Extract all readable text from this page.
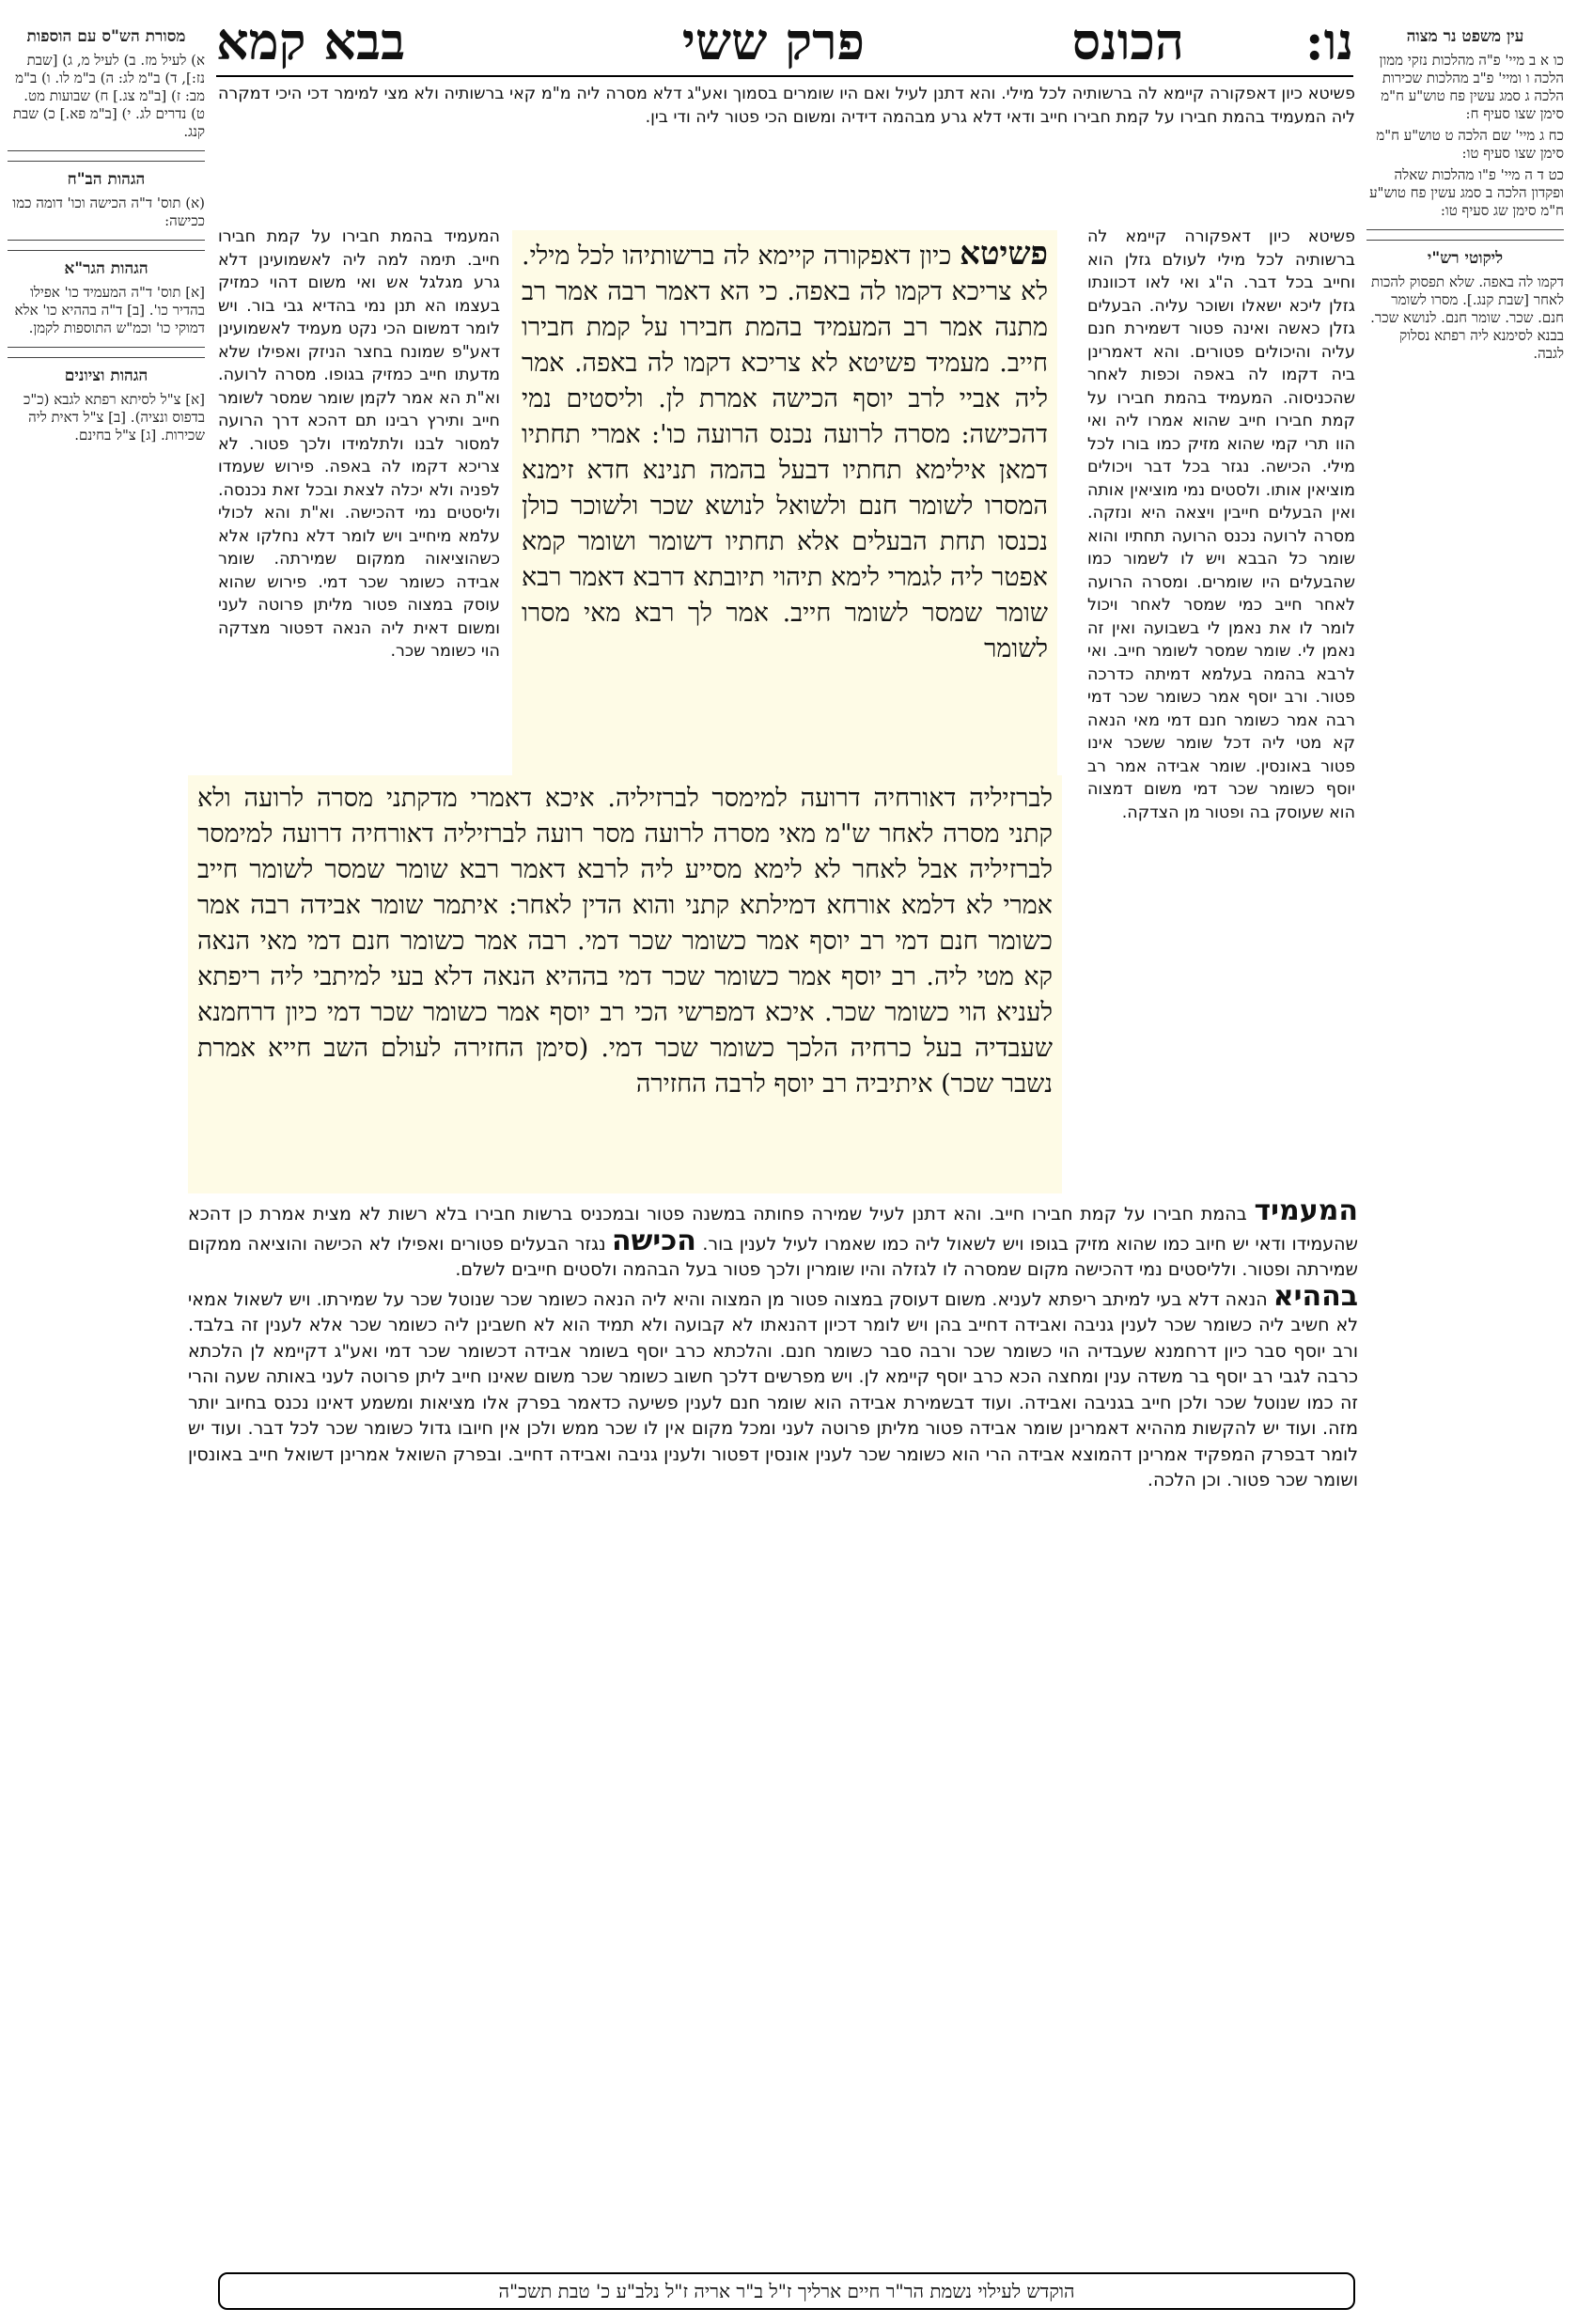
נו:
הכונס
פרק ששי
בבא קמא	עין משפט נר מצוה

כו א ב מיי' פ"ה מהלכות נזקי ממון הלכה ו ומיי' פ"ב מהלכות שכירות הלכה ג סמג עשין פח טוש"ע ח"מ סימן שצו סעיף ח:

כח ג מיי' שם הלכה ט טוש"ע ח"מ סימן שצו סעיף טו:

כט ד ה מיי' פ"ו מהלכות שאלה ופקדון הלכה ב סמג עשין פח טוש"ע ח"מ סימן שג סעיף טו:

ליקוטי רש"י

דקמו לה באפה. שלא תפסוק להכות לאחר [שבת קנג.]. מסרו לשומר חנם. שכר. שומר חנם. לנושא שכר. בבנא לסימנא ליה רפתא נסלוק לגבה.

מסורת הש"ס עם הוספות

א) לעיל מז. ב) לעיל מ, ג) [שבת נז:], ד) ב"מ לג: ה) ב"מ לו. ו) ב"מ מב: ז) [ב"מ צג.] ח) שבועות מט. ט) נדרים לג. י) [ב"מ פא.] כ) שבת קנג.

הגהות הב"ח

(א) תוס' ד"ה הכישה וכו' דומה כמו ככישה:

הגהות הגר"א

[א] תוס' ד"ה המעמיד כו' אפילו בהדיר כו'. [ב] ד"ה בההיא כו' אלא דמוקי כו' וכמ"ש התוספות לקמן.

הגהות וציונים

[א] צ"ל לסיתא רפתא לגבא (כ"כ בדפוס ונציה). [ב] צ"ל דאית ליה שכירות. [ג] צ"ל בחינם.

פשיטא כיון דאפקורה קיימא לה ברשותיה לכל מילי. והא דתנן לעיל ואם היו שומרים בסמוך ואע"ג דלא מסרה ליה מ"מ קאי ברשותיה ולא מצי למימר דכי היכי דמקרה ליה המעמיד בהמת חבירו על קמת חבירו חייב ודאי דלא גרע מבהמה דידיה ומשום הכי פטור ליה ודי בין.
פשיטא כיון דאפקורה קיימא לה ברשותיה לכל מילי לעולם גזלן הוא וחייב בכל דבר. ה"ג ואי לאו דכוונתו גזלן ליכא ישאלו ושוכר עליה. הבעלים גזלן כאשה ואינה פטור דשמירת חנם עליה והיכולים פטורים. והא דאמרינן ביה דקמו לה באפה וכפות לאחר שהכניסוה. המעמיד בהמת חבירו על קמת חבירו חייב שהוא אמרו ליה ואי הוו תרי קמי שהוא מזיק כמו בורו לכל מילי. הכישה. נגזר בכל דבר ויכולים מוציאין אותו. ולסטים נמי מוציאין אותה ואין הבעלים חייבין ויצאה היא ונזקה. מסרה לרועה נכנס הרועה תחתיו והוא שומר כל הבבא ויש לו לשמור כמו שהבעלים היו שומרים. ומסרה הרועה לאחר חייב כמי שמסר לאחר ויכול לומר לו את נאמן לי בשבועה ואין זה נאמן לי. שומר שמסר לשומר חייב. ואי לרבא בהמה בעלמא דמיתה כדרכה פטור. ורב יוסף אמר כשומר שכר דמי רבה אמר כשומר חנם דמי מאי הנאה קא מטי ליה דכל שומר ששכר אינו פטור באונסין. שומר אבידה אמר רב יוסף כשומר שכר דמי משום דמצוה הוא שעוסק בה ופטור מן הצדקה.
המעמיד בהמת חבירו על קמת חבירו חייב. תימה למה ליה לאשמועינן דלא גרע מגלגל אש ואי משום דהוי כמזיק בעצמו הא תנן נמי בהדיא גבי בור. ויש לומר דמשום הכי נקט מעמיד לאשמועינן דאע"פ שמונח בחצר הניזק ואפילו שלא מדעתו חייב כמזיק בגופו. מסרה לרועה. וא"ת הא אמר לקמן שומר שמסר לשומר חייב ותירץ רבינו תם דהכא דרך הרועה למסור לבנו ולתלמידו ולכך פטור. לא צריכא דקמו לה באפה. פירוש שעמדו לפניה ולא יכלה לצאת ובכל זאת נכנסה. וליסטים נמי דהכישה. וא"ת והא לכולי עלמא מיחייב ויש לומר דלא נחלקו אלא כשהוציאוה ממקום שמירתה. שומר אבידה כשומר שכר דמי. פירוש שהוא עוסק במצוה פטור מליתן פרוטה לעני ומשום דאית ליה הנאה דפטור מצדקה הוי כשומר שכר.
פשיטא כיון דאפקורה קיימא לה ברשותיהו לכל מילי. לא צריכא דקמו לה באפה. כי הא דאמר רבה אמר רב מתנה אמר רב המעמיד בהמת חבירו על קמת חבירו חייב. מעמיד פשיטא לא צריכא דקמו לה באפה. אמר ליה אביי לרב יוסף הכישה אמרת לן. וליסטים נמי דהכישה: מסרה לרועה נכנס הרועה כו': אמרי תחתיו דמאן אילימא תחתיו דבעל בהמה תנינא חדא זימנא המסרו לשומר חנם ולשואל לנושא שכר ולשוכר כולן נכנסו תחת הבעלים אלא תחתיו דשומר ושומר קמא אפטר ליה לגמרי לימא תיהוי תיובתא דרבא דאמר רבא שומר שמסר לשומר חייב. אמר לך רבא מאי מסרו לשומר
לברזיליה דאורחיה דרועה למימסר לברזיליה. איכא דאמרי מדקתני מסרה לרועה ולא קתני מסרה לאחר ש"מ מאי מסרה לרועה מסר רועה לברזיליה דאורחיה דרועה למימסר לברזיליה אבל לאחר לא לימא מסייע ליה לרבא דאמר רבא שומר שמסר לשומר חייב אמרי לא דלמא אורחא דמילתא קתני והוא הדין לאחר: איתמר שומר אבידה רבה אמר כשומר חנם דמי רב יוסף אמר כשומר שכר דמי. רבה אמר כשומר חנם דמי מאי הנאה קא מטי ליה. רב יוסף אמר כשומר שכר דמי בההיא הנאה דלא בעי למיתבי ליה ריפתא לעניא הוי כשומר שכר. איכא דמפרשי הכי רב יוסף אמר כשומר שכר דמי כיון דרחמנא שעבדיה בעל כרחיה הלכך כשומר שכר דמי. (סימן החזירה לעולם השב חייא אמרת נשבר שכר) איתיביה רב יוסף לרבה החזירה
המעמיד בהמת חבירו על קמת חבירו חייב. והא דתנן לעיל שמירה פחותה במשנה פטור ובמכניס ברשות חבירו בלא רשות לא מצית אמרת כן דהכא שהעמידו ודאי יש חיוב כמו שהוא מזיק בגופו ויש לשאול ליה כמו שאמרו לעיל לענין בור. הכישה נגזר הבעלים פטורים ואפילו לא הכישה והוציאה ממקום שמירתה ופטור. ולליסטים נמי דהכישה מקום שמסרה לו לגזלה והיו שומרין ולכך פטור בעל הבהמה ולסטים חייבים לשלם.
בההיא הנאה דלא בעי למיתב ריפתא לעניא. משום דעוסק במצוה פטור מן המצוה והיא ליה הנאה כשומר שכר שנוטל שכר על שמירתו. ויש לשאול אמאי לא חשיב ליה כשומר שכר לענין גניבה ואבידה דחייב בהן ויש לומר דכיון דהנאתו לא קבועה ולא תמיד הוא לא חשבינן ליה כשומר שכר אלא לענין זה בלבד. ורב יוסף סבר כיון דרחמנא שעבדיה הוי כשומר שכר ורבה סבר כשומר חנם. והלכתא כרב יוסף בשומר אבידה דכשומר שכר דמי ואע"ג דקיימא לן הלכתא כרבה לגבי רב יוסף בר משדה ענין ומחצה הכא כרב יוסף קיימא לן. ויש מפרשים דלכך חשוב כשומר שכר משום שאינו חייב ליתן פרוטה לעני באותה שעה והרי זה כמו שנוטל שכר ולכן חייב בגניבה ואבידה. ועוד דבשמירת אבידה הוא שומר חנם לענין פשיעה כדאמר בפרק אלו מציאות ומשמע דאינו נכנס בחיוב יותר מזה. ועוד יש להקשות מההיא דאמרינן שומר אבידה פטור מליתן פרוטה לעני ומכל מקום אין לו שכר ממש ולכן אין חיובו גדול כשומר שכר לכל דבר. ועוד יש לומר דבפרק המפקיד אמרינן דהמוצא אבידה הרי הוא כשומר שכר לענין אונסין דפטור ולענין גניבה ואבידה דחייב. ובפרק השואל אמרינן דשואל חייב באונסין ושומר שכר פטור. וכן הלכה.
הוקדש לעילוי נשמת הר"ר חיים ארליך ז"ל ב"ר אריה ז"ל נלב"ע כ' טבת תשכ"ה
